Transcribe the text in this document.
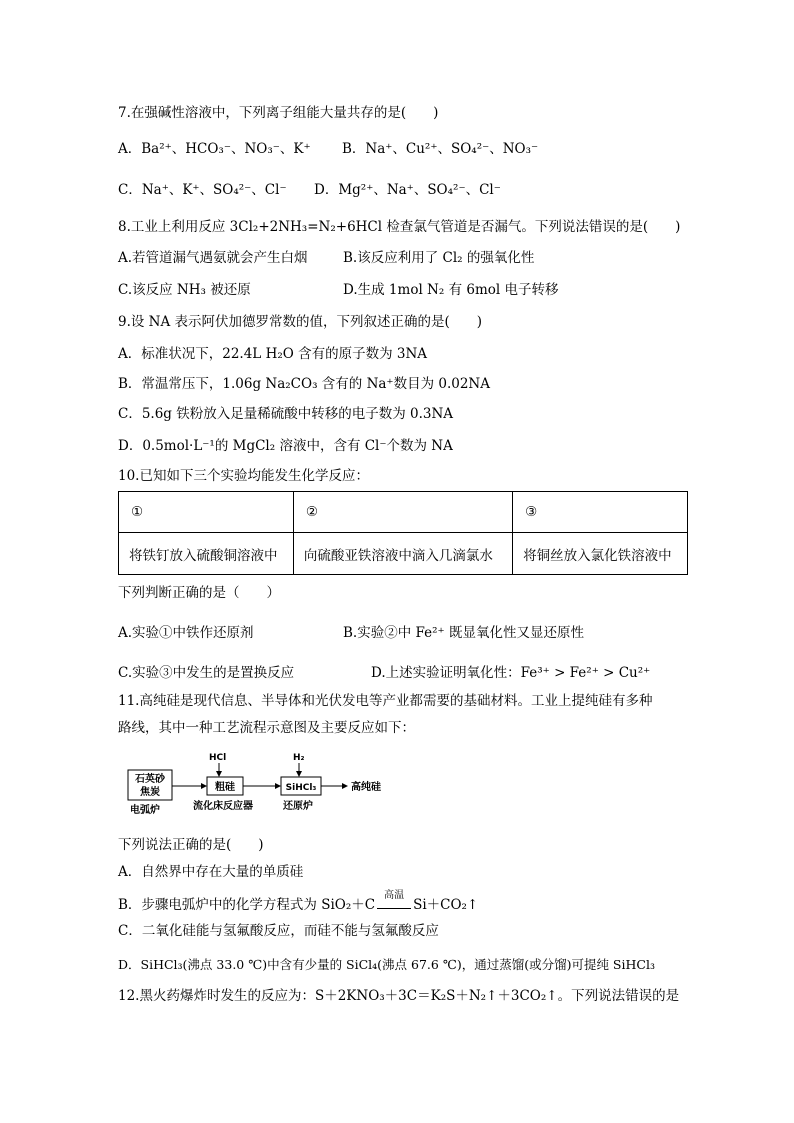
7.在强碱性溶液中，下列离子组能大量共存的是(　　)
A．Ba²⁺、HCO₃⁻、NO₃⁻、K⁺ B．Na⁺、Cu²⁺、SO₄²⁻、NO₃⁻
C．Na⁺、K⁺、SO₄²⁻、Cl⁻ D．Mg²⁺、Na⁺、SO₄²⁻、Cl⁻
8.工业上利用反应 3Cl₂+2NH₃=N₂+6HCl 检查氯气管道是否漏气。下列说法错误的是(　　)
A.若管道漏气遇氨就会产生白烟	B.该反应利用了 Cl₂ 的强氧化性
C.该反应 NH₃ 被还原	D.生成 1mol N₂ 有 6mol 电子转移
9.设 NA 表示阿伏加德罗常数的值，下列叙述正确的是(　　)
A．标准状况下，22.4L H₂O 含有的原子数为 3NA
B．常温常压下，1.06g Na₂CO₃ 含有的 Na⁺数目为 0.02NA
C．5.6g 铁粉放入足量稀硫酸中转移的电子数为 0.3NA
D．0.5mol·L⁻¹的 MgCl₂ 溶液中，含有 Cl⁻个数为 NA
10.已知如下三个实验均能发生化学反应：
①	②	③
将铁钉放入硫酸铜溶液中	向硫酸亚铁溶液中滴入几滴氯水	将铜丝放入氯化铁溶液中
下列判断正确的是（　　）
A.实验①中铁作还原剂	B.实验②中 Fe²⁺ 既显氧化性又显还原性
C.实验③中发生的是置换反应	D.上述实验证明氧化性：Fe³⁺ > Fe²⁺ > Cu²⁺
11.高纯硅是现代信息、半导体和光伏发电等产业都需要的基础材料。工业上提纯硅有多种
路线，其中一种工艺流程示意图及主要反应如下：
石英砂
焦炭
电弧炉
HCl
粗硅
流化床反应器
H₂
SiHCl₃
还原炉
高纯硅
下列说法正确的是(　　)
A．自然界中存在大量的单质硅
B．步骤电弧炉中的化学方程式为 SiO₂＋C
高温
Si＋CO₂↑
C．二氧化硅能与氢氟酸反应，而硅不能与氢氟酸反应
D．SiHCl₃(沸点 33.0 ℃)中含有少量的 SiCl₄(沸点 67.6 ℃)，通过蒸馏(或分馏)可提纯 SiHCl₃
12.黑火药爆炸时发生的反应为：S＋2KNO₃＋3C＝K₂S＋N₂↑＋3CO₂↑。下列说法错误的是
